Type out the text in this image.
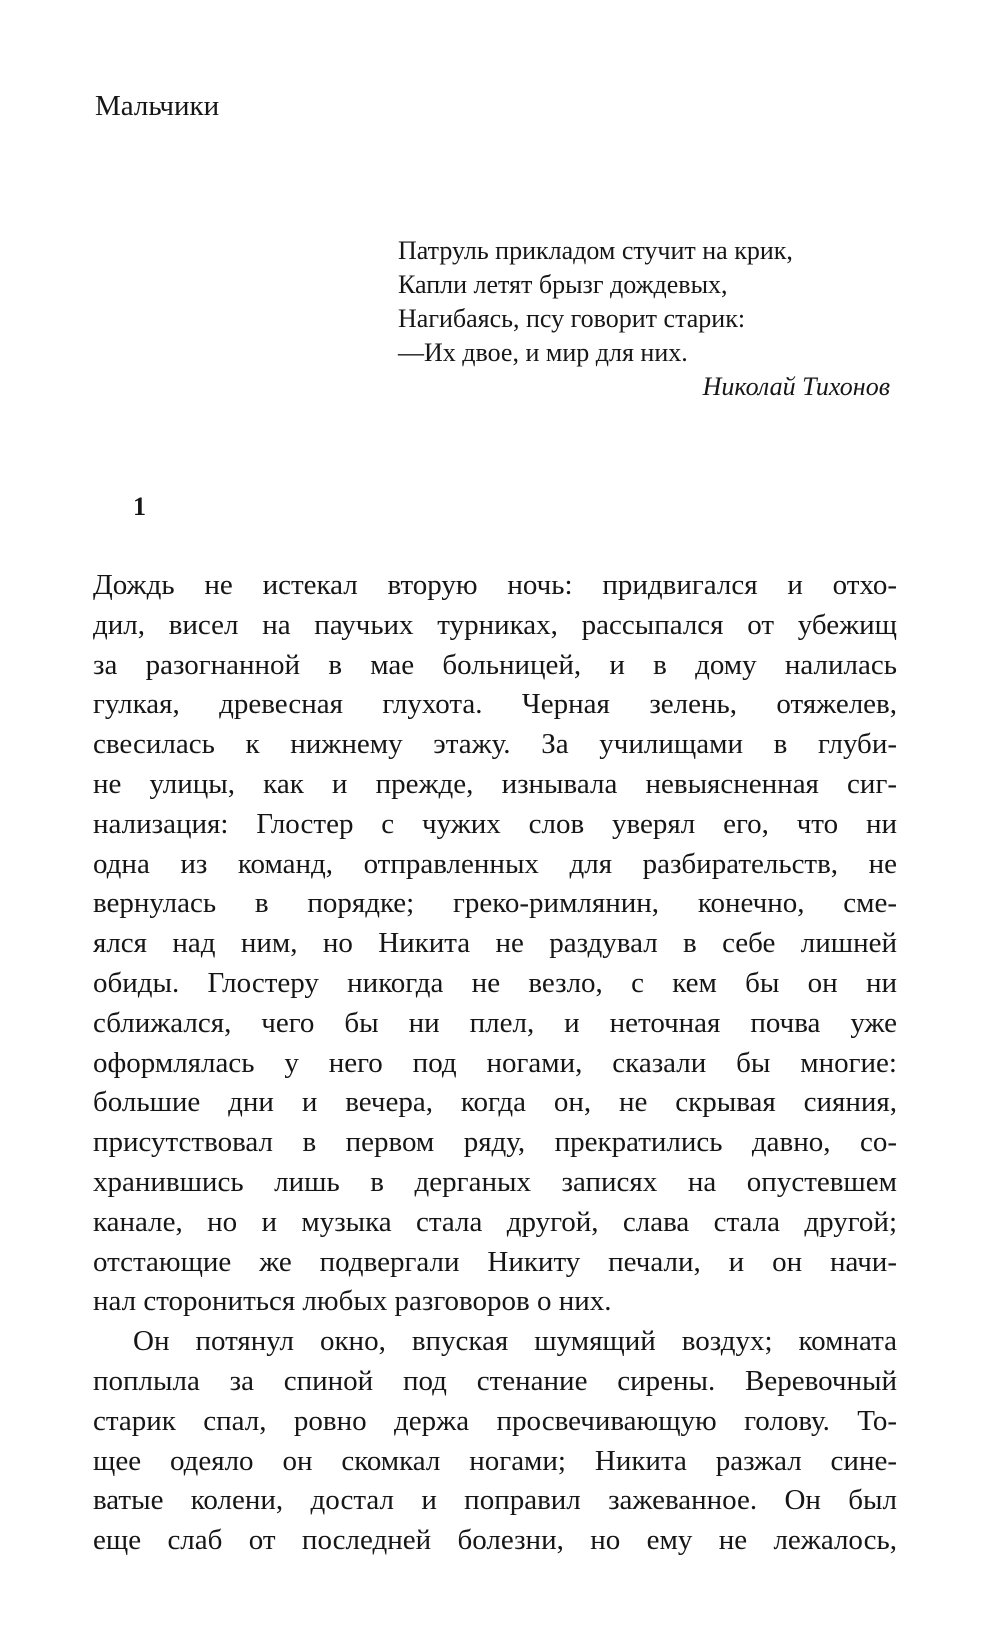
Мальчики
Патруль прикладом стучит на крик,
Капли летят брызг дождевых,
Нагибаясь, псу говорит старик:
—Их двое, и мир для них.
Николай Тихонов
1
Дождь не истекал вторую ночь: придвигался и отхо-
дил, висел на паучьих турниках, рассыпался от убежищ
за разогнанной в мае больницей, и в дому налилась
гулкая, древесная глухота. Черная зелень, отяжелев,
свесилась к нижнему этажу. За училищами в глуби-
не улицы, как и прежде, изнывала невыясненная сиг-
нализация: Глостер с чужих слов уверял его, что ни
одна из команд, отправленных для разбирательств, не
вернулась в порядке; греко-римлянин, конечно, сме-
ялся над ним, но Никита не раздувал в себе лишней
обиды. Глостеру никогда не везло, с кем бы он ни
сближался, чего бы ни плел, и неточная почва уже
оформлялась у него под ногами, сказали бы многие:
большие дни и вечера, когда он, не скрывая сияния,
присутствовал в первом ряду, прекратились давно, со-
хранившись лишь в дерганых записях на опустевшем
канале, но и музыка стала другой, слава стала другой;
отстающие же подвергали Никиту печали, и он начи-
нал сторониться любых разговоров о них.
Он потянул окно, впуская шумящий воздух; комната
поплыла за спиной под стенание сирены. Веревочный
старик спал, ровно держа просвечивающую голову. То-
щее одеяло он скомкал ногами; Никита разжал сине-
ватые колени, достал и поправил зажеванное. Он был
еще слаб от последней болезни, но ему не лежалось,
